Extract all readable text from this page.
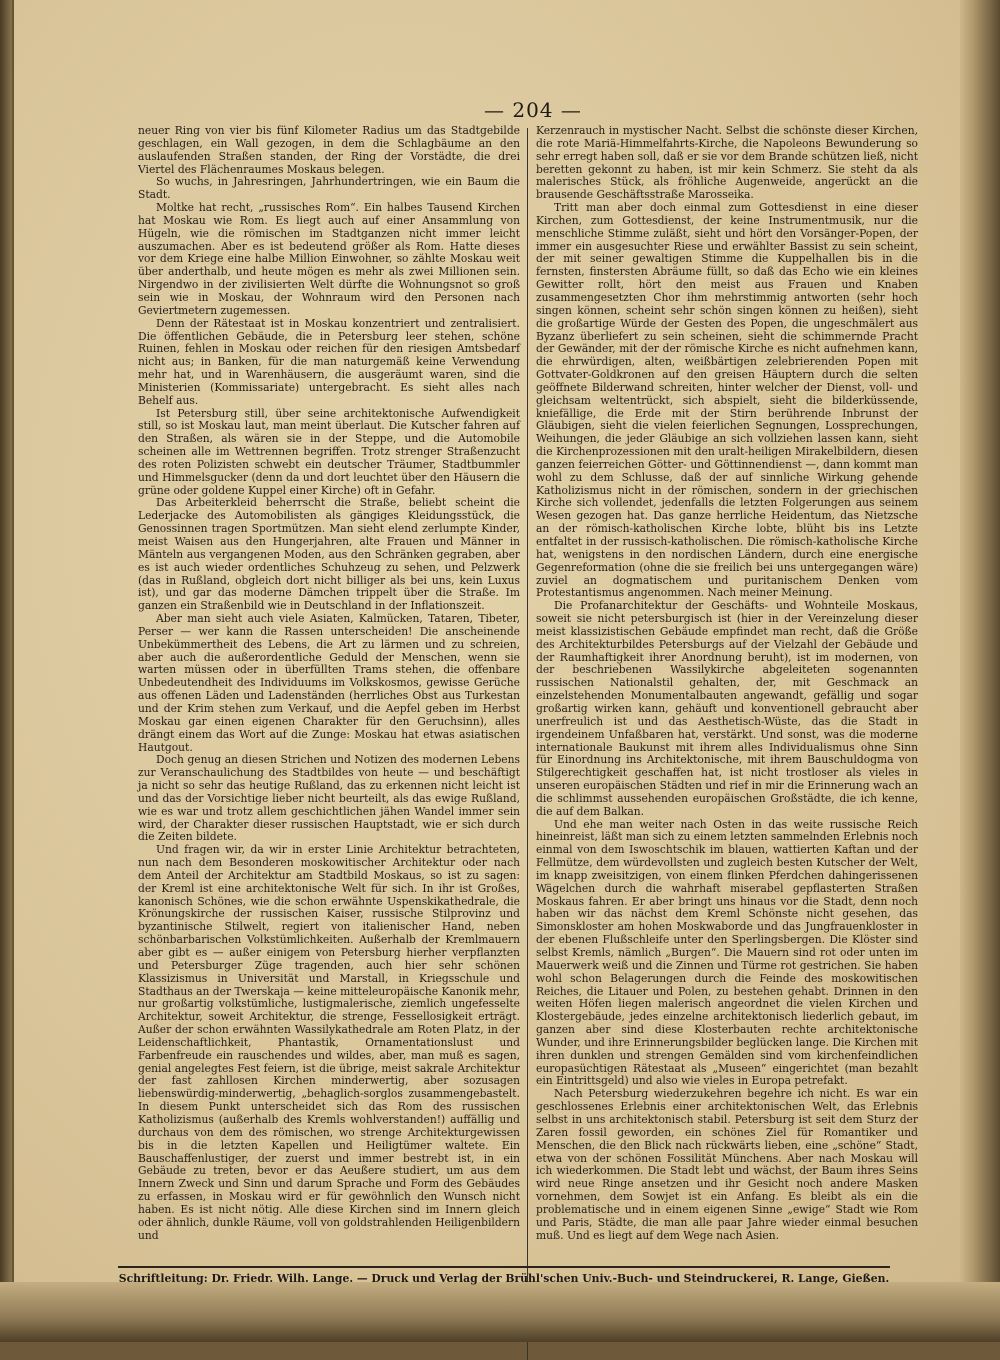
— 204 —

neuer Ring von vier bis fünf Kilometer Radius um das Stadtgebilde geschlagen, ein Wall gezogen, in dem die Schlagbäume an den auslaufenden Straßen standen, der Ring der Vorstädte, die drei Viertel des Flächenraumes Moskaus belegen.

So wuchs, in Jahresringen, Jahrhundertringen, wie ein Baum die Stadt.

Moltke hat recht, „russisches Rom“. Ein halbes Tausend Kirchen hat Moskau wie Rom. Es liegt auch auf einer Ansammlung von Hügeln, wie die römischen im Stadtganzen nicht immer leicht auszumachen. Aber es ist bedeutend größer als Rom. Hatte dieses vor dem Kriege eine halbe Million Einwohner, so zählte Moskau weit über anderthalb, und heute mögen es mehr als zwei Millionen sein. Nirgendwo in der zivilisierten Welt dürfte die Wohnungsnot so groß sein wie in Moskau, der Wohnraum wird den Personen nach Geviertmetern zugemessen.

Denn der Rätestaat ist in Moskau konzentriert und zentralisiert. Die öffentlichen Gebäude, die in Petersburg leer stehen, schöne Ruinen, fehlen in Moskau oder reichen für den riesigen Amtsbedarf nicht aus; in Banken, für die man naturgemäß keine Verwendung mehr hat, und in Warenhäusern, die ausgeräumt waren, sind die Ministerien (Kommissariate) untergebracht. Es sieht alles nach Behelf aus.

Ist Petersburg still, über seine architektonische Aufwendigkeit still, so ist Moskau laut, man meint überlaut. Die Kutscher fahren auf den Straßen, als wären sie in der Steppe, und die Automobile scheinen alle im Wettrennen begriffen. Trotz strenger Straßenzucht des roten Polizisten schwebt ein deutscher Träumer, Stadtbummler und Himmelsgucker (denn da und dort leuchtet über den Häusern die grüne oder goldene Kuppel einer Kirche) oft in Gefahr.

Das Arbeiterkleid beherrscht die Straße, beliebt scheint die Lederjacke des Automobilisten als gängiges Kleidungsstück, die Genossinnen tragen Sportmützen. Man sieht elend zerlumpte Kinder, meist Waisen aus den Hungerjahren, alte Frauen und Männer in Mänteln aus vergangenen Moden, aus den Schränken gegraben, aber es ist auch wieder ordentliches Schuhzeug zu sehen, und Pelzwerk (das in Rußland, obgleich dort nicht billiger als bei uns, kein Luxus ist), und gar das moderne Dämchen trippelt über die Straße. Im ganzen ein Straßenbild wie in Deutschland in der Inflationszeit.

Aber man sieht auch viele Asiaten, Kalmücken, Tataren, Tibeter, Perser — wer kann die Rassen unterscheiden! Die anscheinende Unbekümmertheit des Lebens, die Art zu lärmen und zu schreien, aber auch die außerordentliche Geduld der Menschen, wenn sie warten müssen oder in überfüllten Trams stehen, die offenbare Unbedeutendheit des Individuums im Volkskosmos, gewisse Gerüche aus offenen Läden und Ladenständen (herrliches Obst aus Turkestan und der Krim stehen zum Verkauf, und die Aepfel geben im Herbst Moskau gar einen eigenen Charakter für den Geruchsinn), alles drängt einem das Wort auf die Zunge: Moskau hat etwas asiatischen Hautgout.

Doch genug an diesen Strichen und Notizen des modernen Lebens zur Veranschaulichung des Stadtbildes von heute — und beschäftigt ja nicht so sehr das heutige Rußland, das zu erkennen nicht leicht ist und das der Vorsichtige lieber nicht beurteilt, als das ewige Rußland, wie es war und trotz allem geschichtlichen jähen Wandel immer sein wird, der Charakter dieser russischen Hauptstadt, wie er sich durch die Zeiten bildete.

Und fragen wir, da wir in erster Linie Architektur betrachteten, nun nach dem Besonderen moskowitischer Architektur oder nach dem Anteil der Architektur am Stadtbild Moskaus, so ist zu sagen: der Kreml ist eine architektonische Welt für sich. In ihr ist Großes, kanonisch Schönes, wie die schon erwähnte Uspenskikathedrale, die Krönungskirche der russischen Kaiser, russische Stilprovinz und byzantinische Stilwelt, regiert von italienischer Hand, neben schönbarbarischen Volkstümlichkeiten. Außerhalb der Kremlmauern aber gibt es — außer einigem von Petersburg hierher verpflanzten und Petersburger Züge tragenden, auch hier sehr schönen Klassizismus in Universität und Marstall, in Kriegsschule und Stadthaus an der Twerskaja — keine mitteleuropäische Kanonik mehr, nur großartig volkstümliche, lustigmalerische, ziemlich ungefesselte Architektur, soweit Architektur, die strenge, Fessellosigkeit erträgt. Außer der schon erwähnten Wassilykathedrale am Roten Platz, in der Leidenschaftlichkeit, Phantastik, Ornamentationslust und Farbenfreude ein rauschendes und wildes, aber, man muß es sagen, genial angelegtes Fest feiern, ist die übrige, meist sakrale Architektur der fast zahllosen Kirchen minderwertig, aber sozusagen liebenswürdig-minderwertig, „behaglich-sorglos zusammengebastelt. In diesem Punkt unterscheidet sich das Rom des russischen Katholizismus (außerhalb des Kremls wohlverstanden!) auffällig und durchaus von dem des römischen, wo strenge Architekturgewissen bis in die letzten Kapellen und Heiligtümer waltete. Ein Bauschaffenlustiger, der zuerst und immer bestrebt ist, in ein Gebäude zu treten, bevor er das Aeußere studiert, um aus dem Innern Zweck und Sinn und darum Sprache und Form des Gebäudes zu erfassen, in Moskau wird er für gewöhnlich den Wunsch nicht haben. Es ist nicht nötig. Alle diese Kirchen sind im Innern gleich oder ähnlich, dunkle Räume, voll von goldstrahlenden Heiligenbildern und

Kerzenrauch in mystischer Nacht. Selbst die schönste dieser Kirchen, die rote Mariä-Himmelfahrts-Kirche, die Napoleons Bewunderung so sehr erregt haben soll, daß er sie vor dem Brande schützen ließ, nicht beretten gekonnt zu haben, ist mir kein Schmerz. Sie steht da als malerisches Stück, als fröhliche Augenweide, angerückt an die brausende Geschäftsstraße Marosseika.

Tritt man aber doch einmal zum Gottesdienst in eine dieser Kirchen, zum Gottesdienst, der keine Instrumentmusik, nur die menschliche Stimme zuläßt, sieht und hört den Vorsänger-Popen, der immer ein ausgesuchter Riese und erwählter Bassist zu sein scheint, der mit seiner gewaltigen Stimme die Kuppelhallen bis in die fernsten, finstersten Abräume füllt, so daß das Echo wie ein kleines Gewitter rollt, hört den meist aus Frauen und Knaben zusammengesetzten Chor ihm mehrstimmig antworten (sehr hoch singen können, scheint sehr schön singen können zu heißen), sieht die großartige Würde der Gesten des Popen, die ungeschmälert aus Byzanz überliefert zu sein scheinen, sieht die schimmernde Pracht der Gewänder, mit der der römische Kirche es nicht aufnehmen kann, die ehrwürdigen, alten, weißbärtigen zelebrierenden Popen mit Gottvater-Goldkronen auf den greisen Häuptern durch die selten geöffnete Bilderwand schreiten, hinter welcher der Dienst, voll- und gleichsam weltentrückt, sich abspielt, sieht die bilderküssende, kniefällige, die Erde mit der Stirn berührende Inbrunst der Gläubigen, sieht die vielen feierlichen Segnungen, Lossprechungen, Weihungen, die jeder Gläubige an sich vollziehen lassen kann, sieht die Kirchenprozessionen mit den uralt-heiligen Mirakelbildern, diesen ganzen feierreichen Götter- und Göttinnendienst —, dann kommt man wohl zu dem Schlusse, daß der auf sinnliche Wirkung gehende Katholizismus nicht in der römischen, sondern in der griechischen Kirche sich vollendet, jedenfalls die letzten Folgerungen aus seinem Wesen gezogen hat. Das ganze herrliche Heidentum, das Nietzsche an der römisch-katholischen Kirche lobte, blüht bis ins Letzte entfaltet in der russisch-katholischen. Die römisch-katholische Kirche hat, wenigstens in den nordischen Ländern, durch eine energische Gegenreformation (ohne die sie freilich bei uns untergegangen wäre) zuviel an dogmatischem und puritanischem Denken vom Protestantismus angenommen. Nach meiner Meinung.

Die Profanarchitektur der Geschäfts- und Wohnteile Moskaus, soweit sie nicht petersburgisch ist (hier in der Vereinzelung dieser meist klassizistischen Gebäude empfindet man recht, daß die Größe des Architekturbildes Petersburgs auf der Vielzahl der Gebäude und der Raumhaftigkeit ihrer Anordnung beruht), ist im modernen, von der beschriebenen Wassilykirche abgeleiteten sogenannten russischen Nationalstil gehalten, der, mit Geschmack an einzelstehenden Monumentalbauten angewandt, gefällig und sogar großartig wirken kann, gehäuft und konventionell gebraucht aber unerfreulich ist und das Aesthetisch-Wüste, das die Stadt in irgendeinem Unfaßbaren hat, verstärkt. Und sonst, was die moderne internationale Baukunst mit ihrem alles Individualismus ohne Sinn für Einordnung ins Architektonische, mit ihrem Bauschuldogma von Stilgerechtigkeit geschaffen hat, ist nicht trostloser als vieles in unseren europäischen Städten und rief in mir die Erinnerung wach an die schlimmst aussehenden europäischen Großstädte, die ich kenne, die auf dem Balkan.

Und ehe man weiter nach Osten in das weite russische Reich hineinreist, läßt man sich zu einem letzten sammelnden Erlebnis noch einmal von dem Iswoschtschik im blauen, wattierten Kaftan und der Fellmütze, dem würdevollsten und zugleich besten Kutscher der Welt, im knapp zweisitzigen, von einem flinken Pferdchen dahingerissenen Wägelchen durch die wahrhaft miserabel gepflasterten Straßen Moskaus fahren. Er aber bringt uns hinaus vor die Stadt, denn noch haben wir das nächst dem Kreml Schönste nicht gesehen, das Simonskloster am hohen Moskwaborde und das Jungfrauenkloster in der ebenen Flußschleife unter den Sperlingsbergen. Die Klöster sind selbst Kremls, nämlich „Burgen“. Die Mauern sind rot oder unten im Mauerwerk weiß und die Zinnen und Türme rot gestrichen. Sie haben wohl schon Belagerungen durch die Feinde des moskowitischen Reiches, die Litauer und Polen, zu bestehen gehabt. Drinnen in den weiten Höfen liegen malerisch angeordnet die vielen Kirchen und Klostergebäude, jedes einzelne architektonisch liederlich gebaut, im ganzen aber sind diese Klosterbauten rechte architektonische Wunder, und ihre Erinnerungsbilder beglücken lange. Die Kirchen mit ihren dunklen und strengen Gemälden sind vom kirchenfeindlichen europasüchtigen Rätestaat als „Museen“ eingerichtet (man bezahlt ein Eintrittsgeld) und also wie vieles in Europa petrefakt.

Nach Petersburg wiederzukehren begehre ich nicht. Es war ein geschlossenes Erlebnis einer architektonischen Welt, das Erlebnis selbst in uns architektonisch stabil. Petersburg ist seit dem Sturz der Zaren fossil geworden, ein schönes Ziel für Romantiker und Menschen, die den Blick nach rückwärts lieben, eine „schöne“ Stadt, etwa von der schönen Fossilität Münchens. Aber nach Moskau will ich wiederkommen. Die Stadt lebt und wächst, der Baum ihres Seins wird neue Ringe ansetzen und ihr Gesicht noch andere Masken vornehmen, dem Sowjet ist ein Anfang. Es bleibt als ein die problematische und in einem eigenen Sinne „ewige“ Stadt wie Rom und Paris, Städte, die man alle paar Jahre wieder einmal besuchen muß. Und es liegt auf dem Wege nach Asien.

Schriftleitung: Dr. Friedr. Wilh. Lange. — Druck und Verlag der Brühl'schen Univ.-Buch- und Steindruckerei, R. Lange, Gießen.
